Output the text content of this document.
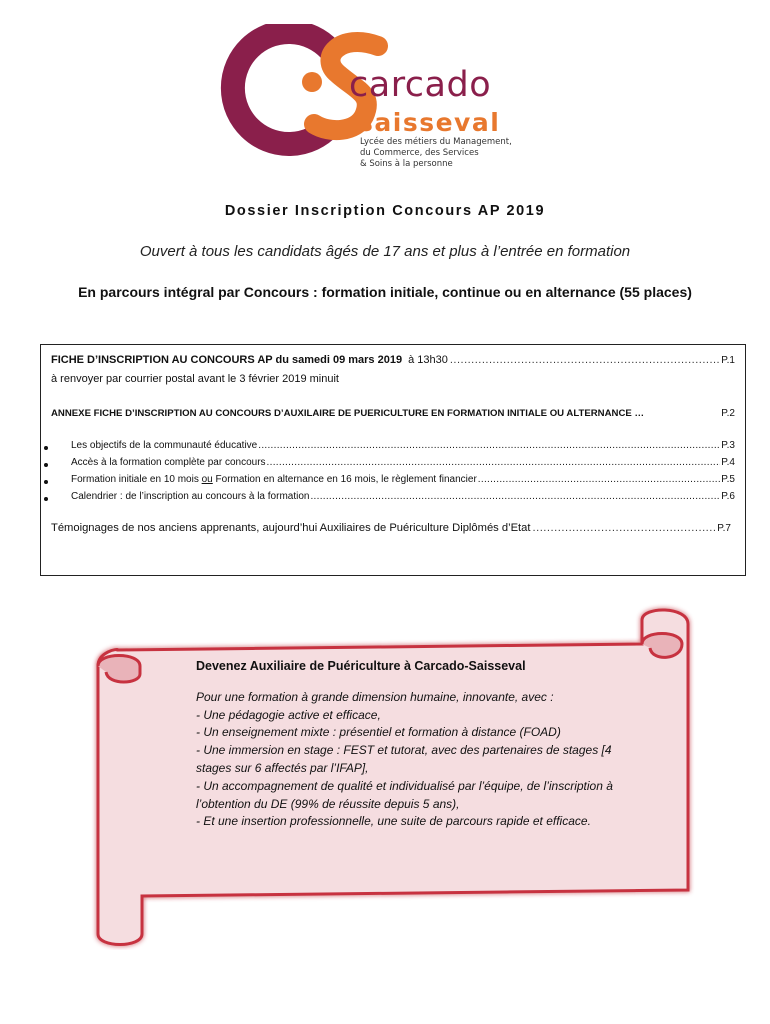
carcado
saisseval
Lycée des métiers du Management,
du Commerce, des Services
& Soins à la personne
Dossier Inscription Concours AP 2019
Ouvert à tous les candidats âgés de 17 ans et plus à l’entrée en formation
En parcours intégral par Concours : formation initiale, continue ou en alternance (55 places)
FICHE D’INSCRIPTION AU CONCOURS AP du samedi 09 mars 2019 à 13h30 .....	P.1
à renvoyer par courrier postal avant le 3 février 2019 minuit
ANNEXE FICHE D’INSCRIPTION AU CONCOURS D’AUXILAIRE DE PUERICULTURE EN FORMATION INITIALE OU ALTERNANCE …	P.2
Les objectifs de la communauté éducative .....	P.3
Accès à la formation complète par concours .....	P.4
Formation initiale en 10 mois ou Formation en alternance en 16 mois, le règlement financier .....	P.5
Calendrier : de l’inscription au concours à la formation .....	P.6
Témoignages de nos anciens apprenants, aujourd’hui Auxiliaires de Puériculture Diplômés d’Etat .....	P.7
Devenez Auxiliaire de Puériculture à Carcado-Saisseval
Pour une formation à grande dimension humaine, innovante, avec :
- Une pédagogie active et efficace,
- Un enseignement mixte : présentiel et formation à distance (FOAD)
- Une immersion en stage : FEST et tutorat, avec des partenaires de stages [4
stages sur 6 affectés par l’IFAP],
- Un accompagnement de qualité et individualisé par l’équipe, de l’inscription à
l’obtention du DE (99% de réussite depuis 5 ans),
- Et une insertion professionnelle, une suite de parcours rapide et efficace.
